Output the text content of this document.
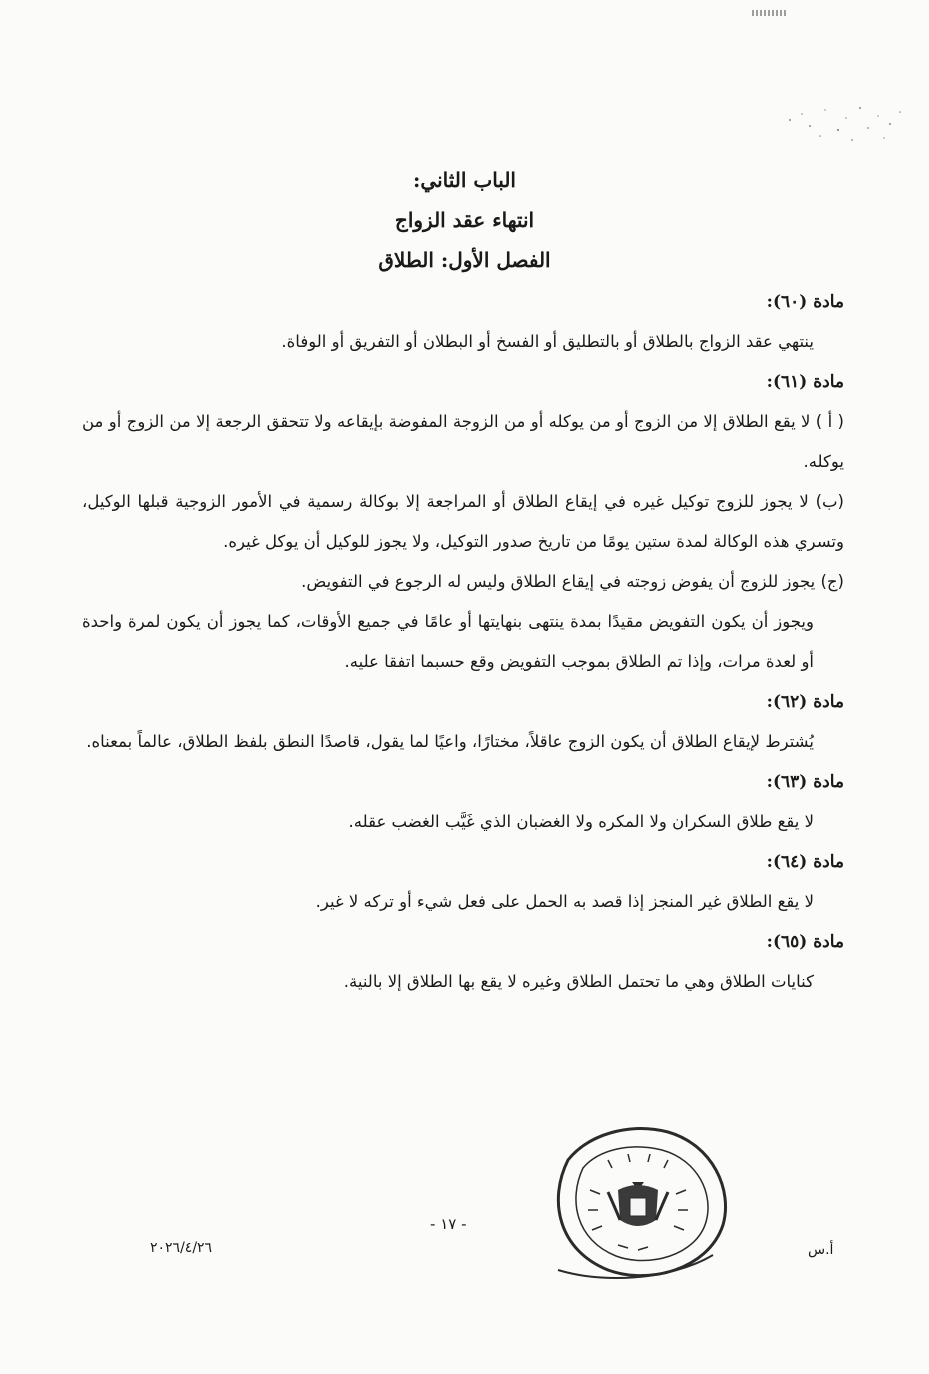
الباب الثاني:
انتهاء عقد الزواج
الفصل الأول: الطلاق
مادة (٦٠):

ينتهي عقد الزواج بالطلاق أو بالتطليق أو الفسخ أو البطلان أو التفريق أو الوفاة.

مادة (٦١):

( أ ) لا يقع الطلاق إلا من الزوج أو من يوكله أو من الزوجة المفوضة بإيقاعه ولا تتحقق الرجعة إلا من الزوج أو من يوكله.

(ب) لا يجوز للزوج توكيل غيره في إيقاع الطلاق أو المراجعة إلا بوكالة رسمية في الأمور الزوجية قبلها الوكيل، وتسري هذه الوكالة لمدة ستين يومًا من تاريخ صدور التوكيل، ولا يجوز للوكيل أن يوكل غيره.

(ج) يجوز للزوج أن يفوض زوجته في إيقاع الطلاق وليس له الرجوع في التفويض.

ويجوز أن يكون التفويض مقيدًا بمدة ينتهى بنهايتها أو عامًا في جميع الأوقات، كما يجوز أن يكون لمرة واحدة أو لعدة مرات، وإذا تم الطلاق بموجب التفويض وقع حسبما اتفقا عليه.

مادة (٦٢):

يُشترط لإيقاع الطلاق أن يكون الزوج عاقلاً، مختارًا، واعيًا لما يقول، قاصدًا النطق بلفظ الطلاق، عالماً بمعناه.

مادة (٦٣):

لا يقع طلاق السكران ولا المكره ولا الغضبان الذي غَيَّب الغضب عقله.

مادة (٦٤):

لا يقع الطلاق غير المنجز إذا قصد به الحمل على فعل شيء أو تركه لا غير.

مادة (٦٥):

كنايات الطلاق وهي ما تحتمل الطلاق وغيره لا يقع بها الطلاق إلا بالنية.

- ١٧ -
٢٠٢٦/٤/٢٦	أ.س
